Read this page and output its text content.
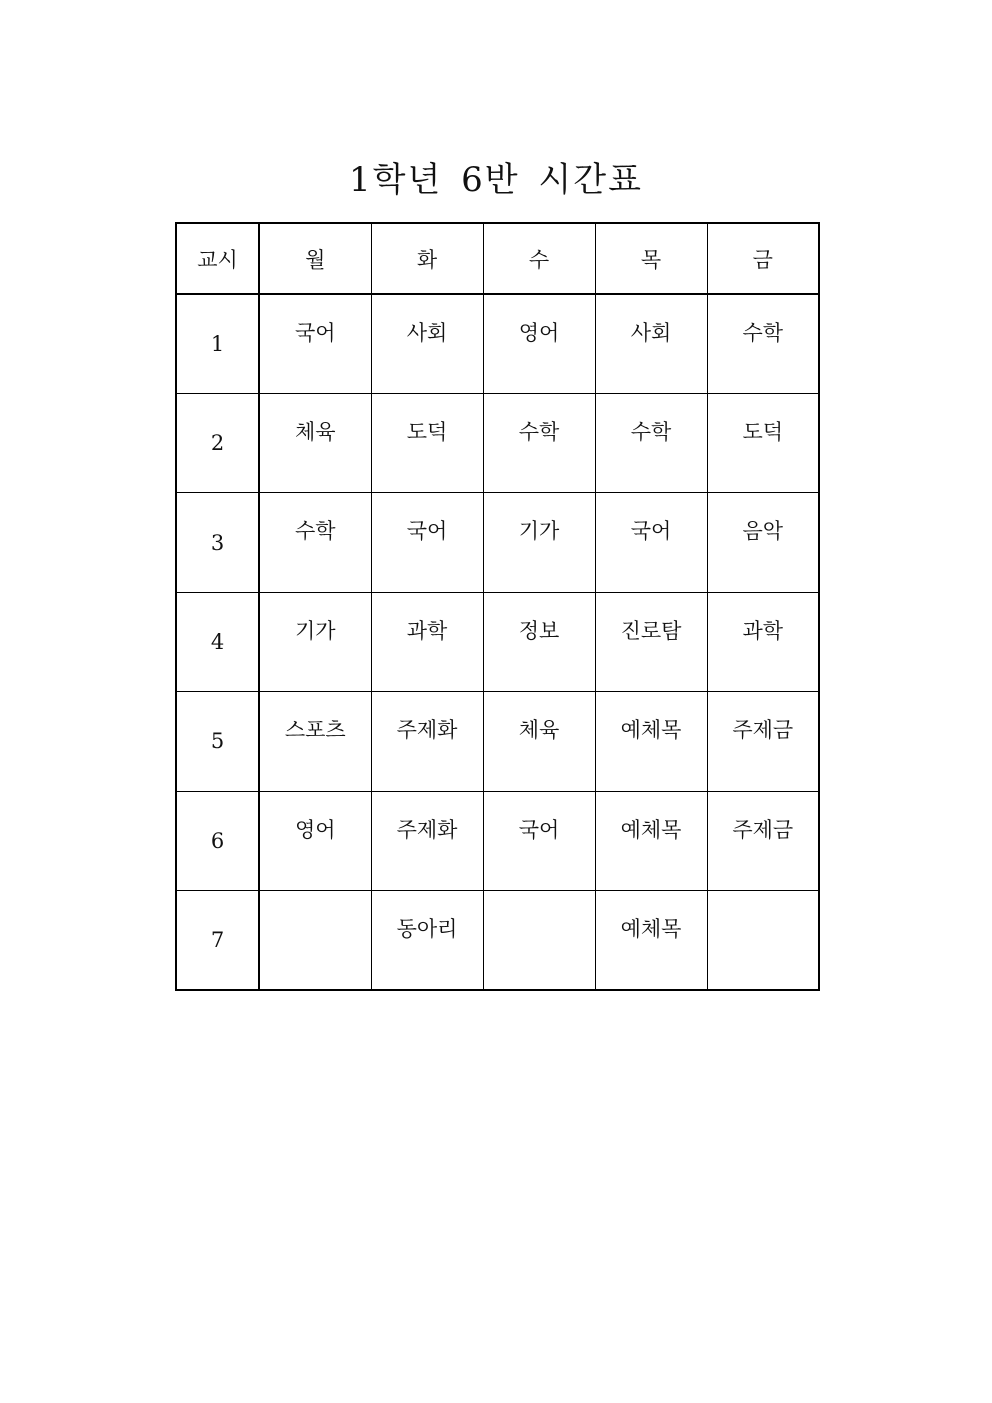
1학년 6반 시간표
교시	월	화	수	목	금
1	국어	사회	영어	사회	수학
2	체육	도덕	수학	수학	도덕
3	수학	국어	기가	국어	음악
4	기가	과학	정보	진로탐	과학
5	스포츠	주제화	체육	예체목	주제금
6	영어	주제화	국어	예체목	주제금
7		동아리		예체목	
